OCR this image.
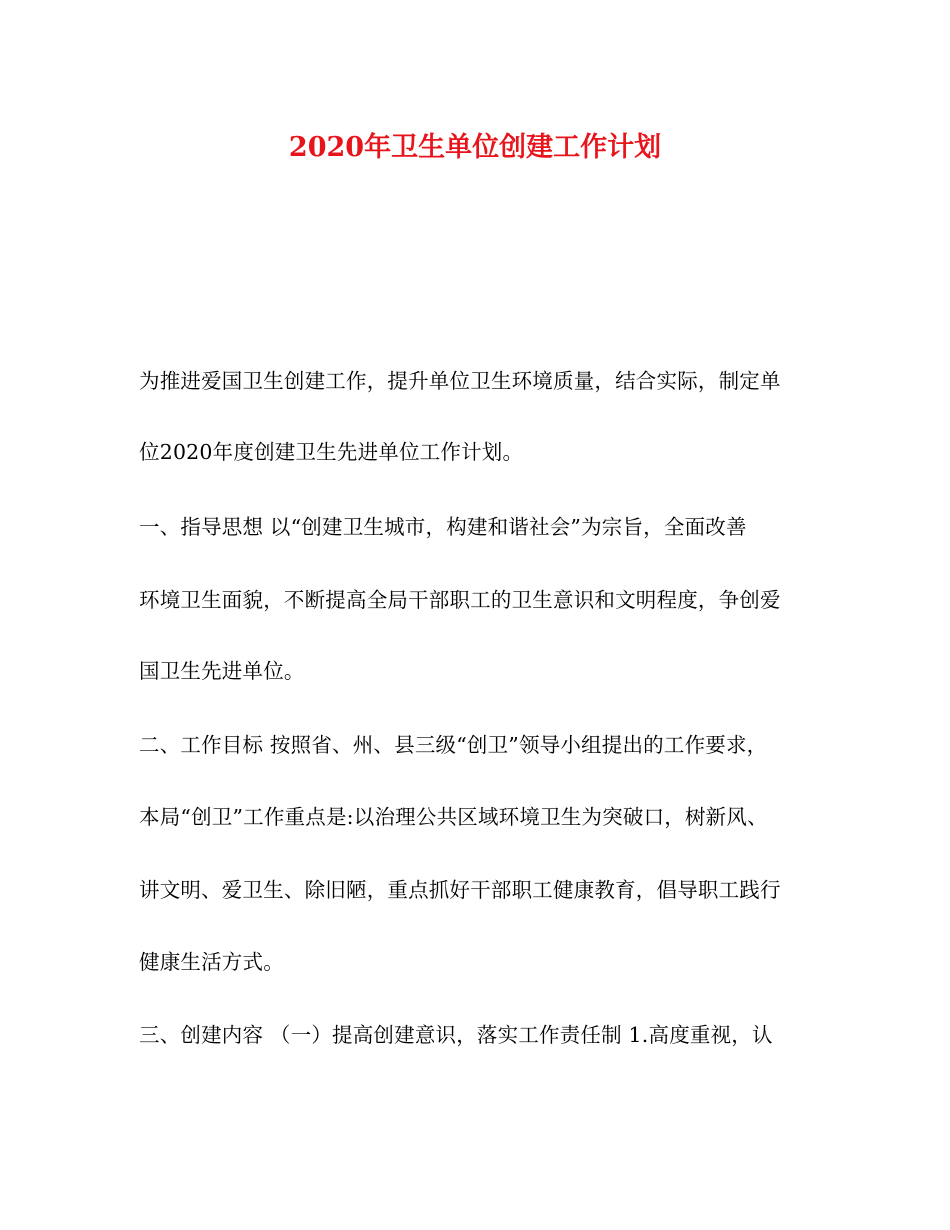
2020年卫生单位创建工作计划
为推进爱国卫生创建工作，提升单位卫生环境质量，结合实际，制定单
位2020年度创建卫生先进单位工作计划。
一、指导思想 以“创建卫生城市，构建和谐社会”为宗旨，全面改善
环境卫生面貌，不断提高全局干部职工的卫生意识和文明程度，争创爱
国卫生先进单位。
二、工作目标 按照省、州、县三级“创卫”领导小组提出的工作要求，
本局“创卫”工作重点是:以治理公共区域环境卫生为突破口，树新风、
讲文明、爱卫生、除旧陋，重点抓好干部职工健康教育，倡导职工践行
健康生活方式。
三、创建内容 （一）提高创建意识，落实工作责任制 1.高度重视，认
